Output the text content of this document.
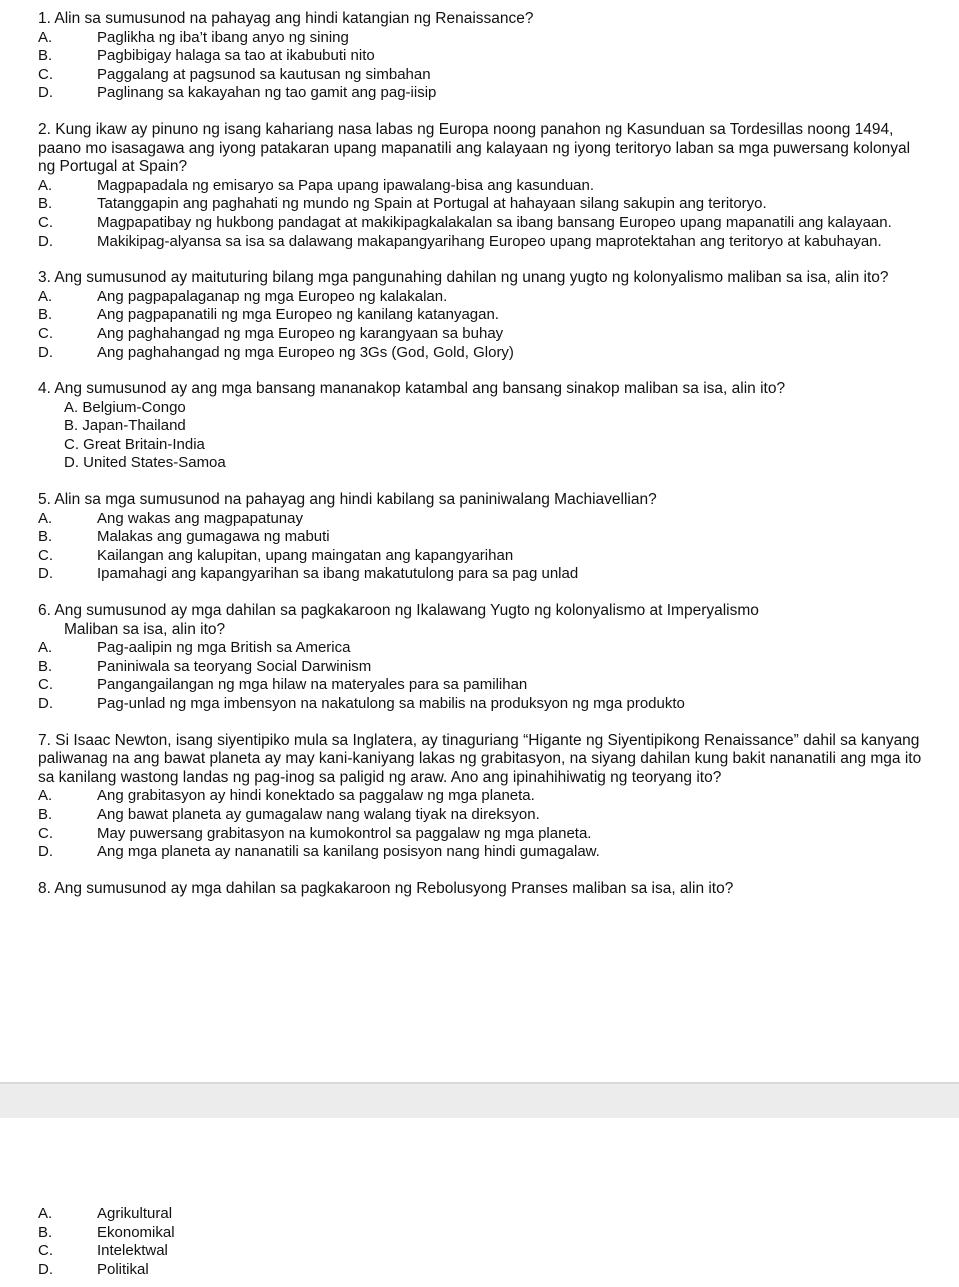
1. Alin sa sumusunod na pahayag ang hindi katangian ng Renaissance?

A.	Paglikha ng iba’t ibang anyo ng sining
B.	Pagbibigay halaga sa tao at ikabubuti nito
C.	Paggalang at pagsunod sa kautusan ng simbahan
D.	Paglinang sa kakayahan ng tao gamit ang pag-iisip

2. Kung ikaw ay pinuno ng isang kahariang nasa labas ng Europa noong panahon ng Kasunduan sa Tordesillas noong 1494, paano mo isasagawa ang iyong patakaran upang mapanatili ang kalayaan ng iyong teritoryo laban sa mga puwersang kolonyal ng Portugal at Spain?

A.	Magpapadala ng emisaryo sa Papa upang ipawalang-bisa ang kasunduan.
B.	Tatanggapin ang paghahati ng mundo ng Spain at Portugal at hahayaan silang sakupin ang teritoryo.
C.	Magpapatibay ng hukbong pandagat at makikipagkalakalan sa ibang bansang Europeo upang mapanatili ang kalayaan.
D.	Makikipag-alyansa sa isa sa dalawang makapangyarihang Europeo upang maprotektahan ang teritoryo at kabuhayan.

3. Ang sumusunod ay maituturing bilang mga pangunahing dahilan ng unang yugto ng kolonyalismo maliban sa isa, alin ito?

A.	Ang pagpapalaganap ng mga Europeo ng kalakalan.
B.	Ang pagpapanatili ng mga Europeo ng kanilang katanyagan.
C.	Ang paghahangad ng mga Europeo ng karangyaan sa buhay
D.	Ang paghahangad ng mga Europeo ng 3Gs (God, Gold, Glory)

4. Ang sumusunod ay ang mga bansang mananakop katambal ang bansang sinakop maliban sa isa, alin ito?

A. Belgium-Congo
B. Japan-Thailand
C. Great Britain-India
D. United States-Samoa

5. Alin sa mga sumusunod na pahayag ang hindi kabilang sa paniniwalang Machiavellian?

A.	Ang wakas ang magpapatunay
B.	Malakas ang gumagawa ng mabuti
C.	Kailangan ang kalupitan, upang maingatan ang kapangyarihan
D.	Ipamahagi ang kapangyarihan sa ibang makatutulong para sa pag unlad

6. Ang sumusunod ay mga dahilan sa pagkakaroon ng Ikalawang Yugto ng kolonyalismo at Imperyalismo

Maliban sa isa, alin ito?

A.	Pag-aalipin ng mga British sa America
B.	Paniniwala sa teoryang Social Darwinism
C.	Pangangailangan ng mga hilaw na materyales para sa pamilihan
D.	Pag-unlad ng mga imbensyon na nakatulong sa mabilis na produksyon ng mga produkto

7. Si Isaac Newton, isang siyentipiko mula sa Inglatera, ay tinaguriang “Higante ng Siyentipikong Renaissance” dahil sa kanyang paliwanag na ang bawat planeta ay may kani-kaniyang lakas ng grabitasyon, na siyang dahilan kung bakit nananatili ang mga ito sa kanilang wastong landas ng pag-inog sa paligid ng araw. Ano ang ipinahihiwatig ng teoryang ito?

A.	Ang grabitasyon ay hindi konektado sa paggalaw ng mga planeta.
B.	Ang bawat planeta ay gumagalaw nang walang tiyak na direksyon.
C.	May puwersang grabitasyon na kumokontrol sa paggalaw ng mga planeta.
D.	Ang mga planeta ay nananatili sa kanilang posisyon nang hindi gumagalaw.

8. Ang sumusunod ay mga dahilan sa pagkakaroon ng Rebolusyong Pranses maliban sa isa, alin ito?

A.	Agrikultural
B.	Ekonomikal
C.	Intelektwal
D.	Politikal
